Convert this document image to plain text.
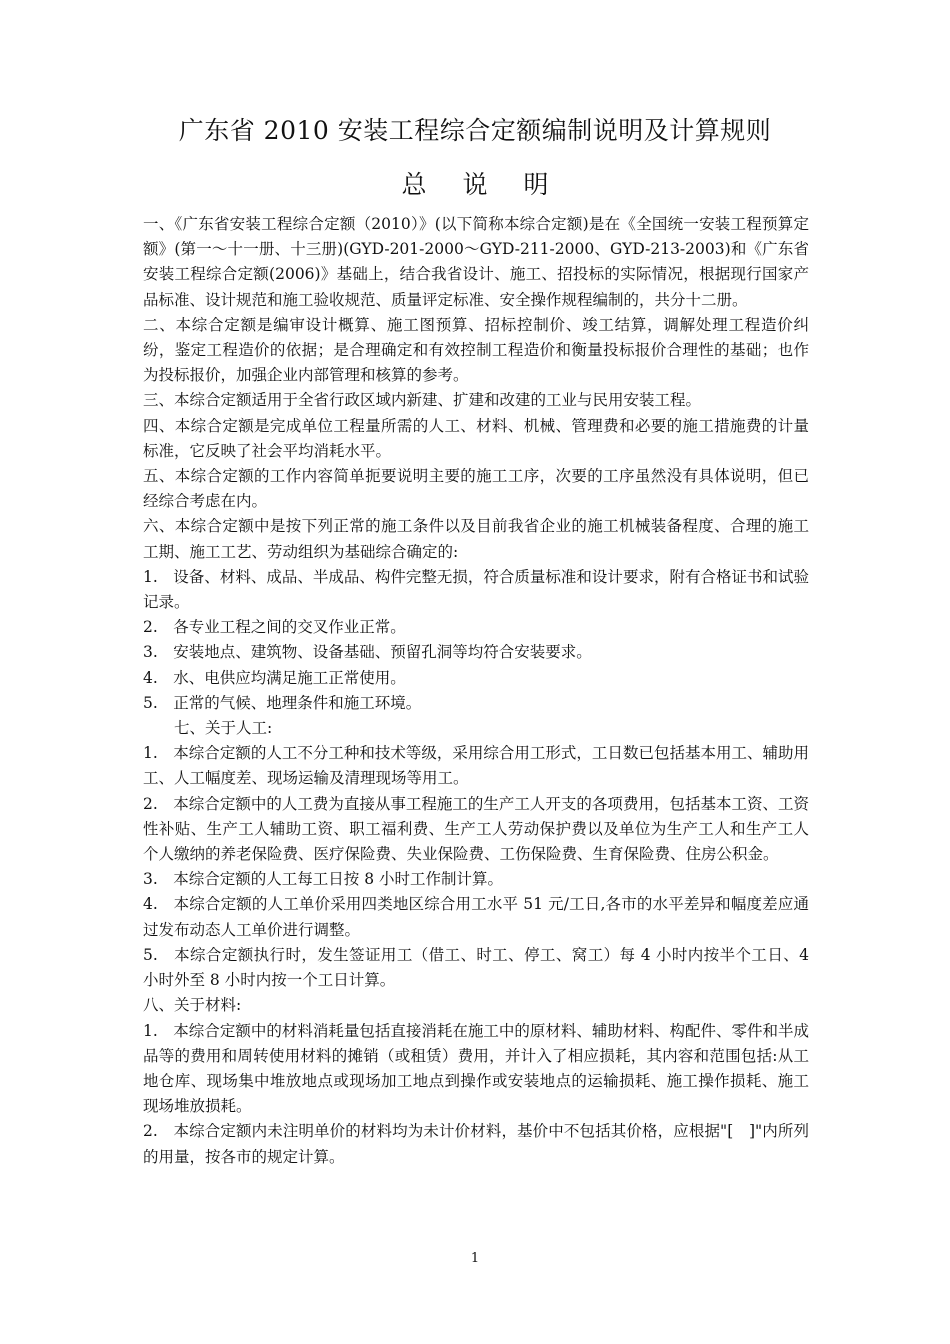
广东省 2010 安装工程综合定额编制说明及计算规则
总 说 明

一、《广东省安装工程综合定额（2010）》(以下简称本综合定额)是在《全国统一安装工程预算定额》(第一～十一册、十三册)(GYD-201-2000～GYD-211-2000、GYD-213-2003)和《广东省安装工程综合定额(2006)》基础上，结合我省设计、施工、招投标的实际情况，根据现行国家产品标准、设计规范和施工验收规范、质量评定标准、安全操作规程编制的，共分十二册。

二、本综合定额是编审设计概算、施工图预算、招标控制价、竣工结算，调解处理工程造价纠纷，鉴定工程造价的依据；是合理确定和有效控制工程造价和衡量投标报价合理性的基础；也作为投标报价，加强企业内部管理和核算的参考。

三、本综合定额适用于全省行政区域内新建、扩建和改建的工业与民用安装工程。

四、本综合定额是完成单位工程量所需的人工、材料、机械、管理费和必要的施工措施费的计量标准，它反映了社会平均消耗水平。

五、本综合定额的工作内容简单扼要说明主要的施工工序，次要的工序虽然没有具体说明，但已经综合考虑在内。

六、本综合定额中是按下列正常的施工条件以及目前我省企业的施工机械装备程度、合理的施工工期、施工工艺、劳动组织为基础综合确定的:

1.　设备、材料、成品、半成品、构件完整无损，符合质量标准和设计要求，附有合格证书和试验记录。

2.　各专业工程之间的交叉作业正常。

3.　安装地点、建筑物、设备基础、预留孔洞等均符合安装要求。

4.　水、电供应均满足施工正常使用。

5.　正常的气候、地理条件和施工环境。

七、关于人工:

1.　本综合定额的人工不分工种和技术等级，采用综合用工形式，工日数已包括基本用工、辅助用工、人工幅度差、现场运输及清理现场等用工。

2.　本综合定额中的人工费为直接从事工程施工的生产工人开支的各项费用，包括基本工资、工资性补贴、生产工人辅助工资、职工福利费、生产工人劳动保护费以及单位为生产工人和生产工人个人缴纳的养老保险费、医疗保险费、失业保险费、工伤保险费、生育保险费、住房公积金。

3.　本综合定额的人工每工日按 8 小时工作制计算。

4.　本综合定额的人工单价采用四类地区综合用工水平 51 元/工日,各市的水平差异和幅度差应通过发布动态人工单价进行调整。

5.　本综合定额执行时，发生签证用工（借工、时工、停工、窝工）每 4 小时内按半个工日、4 小时外至 8 小时内按一个工日计算。

八、关于材料:

1.　本综合定额中的材料消耗量包括直接消耗在施工中的原材料、辅助材料、构配件、零件和半成品等的费用和周转使用材料的摊销（或租赁）费用，并计入了相应损耗，其内容和范围包括:从工地仓库、现场集中堆放地点或现场加工地点到操作或安装地点的运输损耗、施工操作损耗、施工现场堆放损耗。

2.　本综合定额内未注明单价的材料均为未计价材料，基价中不包括其价格，应根据"[　]"内所列的用量，按各市的规定计算。

1
